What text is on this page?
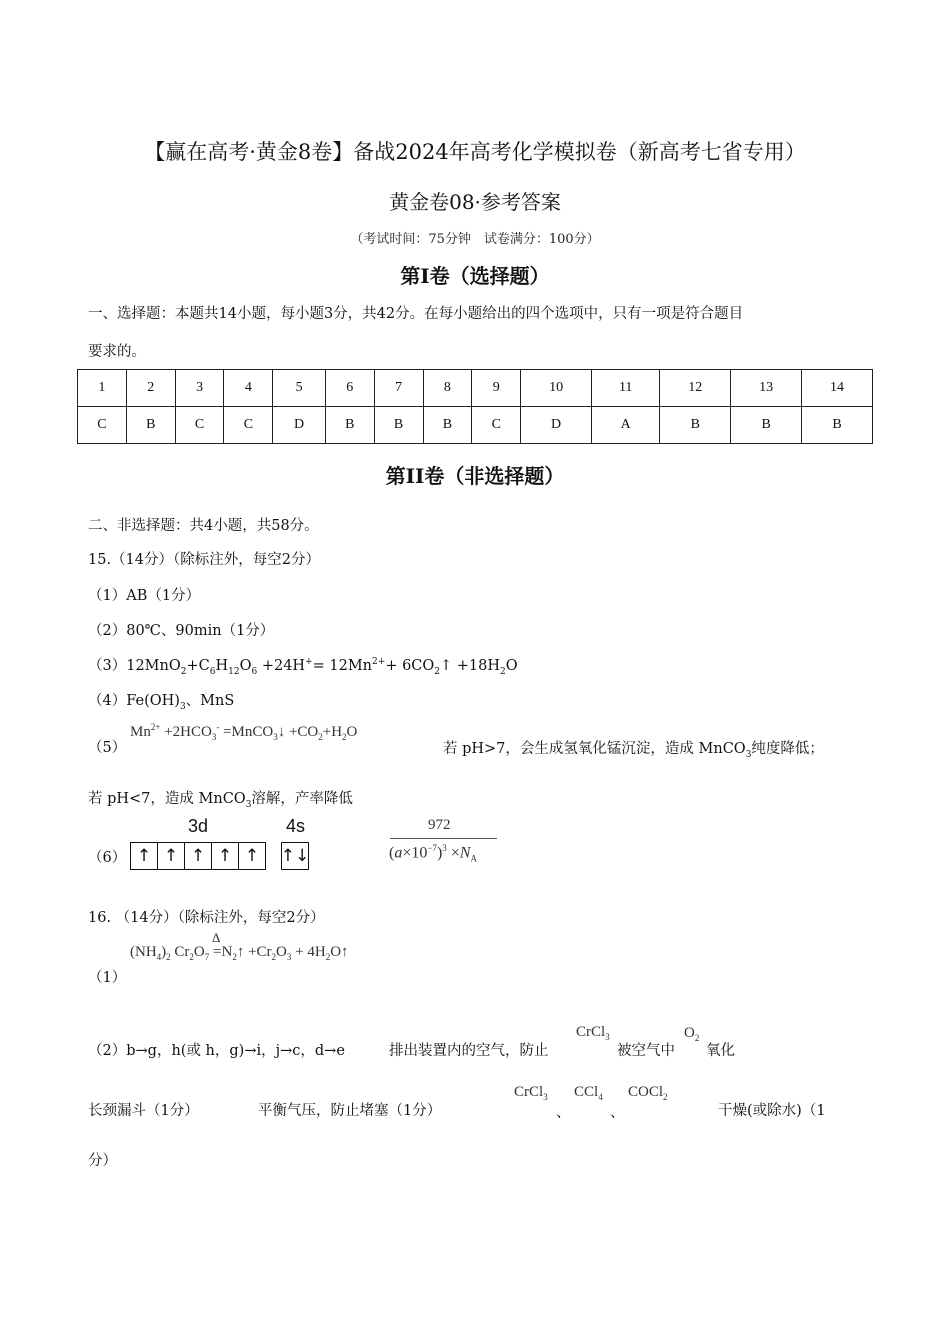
【赢在高考·黄金8卷】备战2024年高考化学模拟卷（新高考七省专用）
黄金卷08·参考答案
（考试时间：75分钟　试卷满分：100分）
第I卷（选择题）
一、选择题：本题共14小题，每小题3分，共42分。在每小题给出的四个选项中，只有一项是符合题目
要求的。
1	2	3	4	5	6	7	8	9	10	11	12	13	14
C	B	C	C	D	B	B	B	C	D	A	B	B	B
第II卷（非选择题）
二、非选择题：共4小题，共58分。
15.（14分）（除标注外，每空2分）
（1）AB（1分）
（2）80℃、90min（1分）
$(3)12MnO_2+C_6H_{12}O_6 +24H^+= 12Mn^{2+}+$ $6CO_2↑ +18H_2O$
$(4)Fe(OH)_3$、MnS
（5）
$Mn^{2+} +2HCO_3^-$ =MnCO$_3$↓ $+CO_2+H_2O$
若 pH>7，会生成氢氧化锰沉淀，造成 MnCO$_3$纯度降低；
若 pH<7，造成 MnCO$_3$溶解，产率降低
（6）
3d	4s
↑ ↑ ↑ ↑ ↑	↑↓
972
$(a\times 10^{-7})^3 \times N_A$
16. （14分）（除标注外，每空2分）
（1）
$(NH_4)_2$ $Cr_2O_7$
Δ
$=N_2↑ +Cr_2O_3$ + $4H_2O↑$
（2）b→g，h(或 h，g)→i，j→c，d→e	排出装置内的空气，防止
CrCl$_3$
被空气中
$O_2$
氧化
长颈漏斗（1分）	平衡气压，防止堵塞（1分）
CrCl$_3$
、
CCl$_4$
、
COCl$_2$
干燥(或除水)（1
分）
